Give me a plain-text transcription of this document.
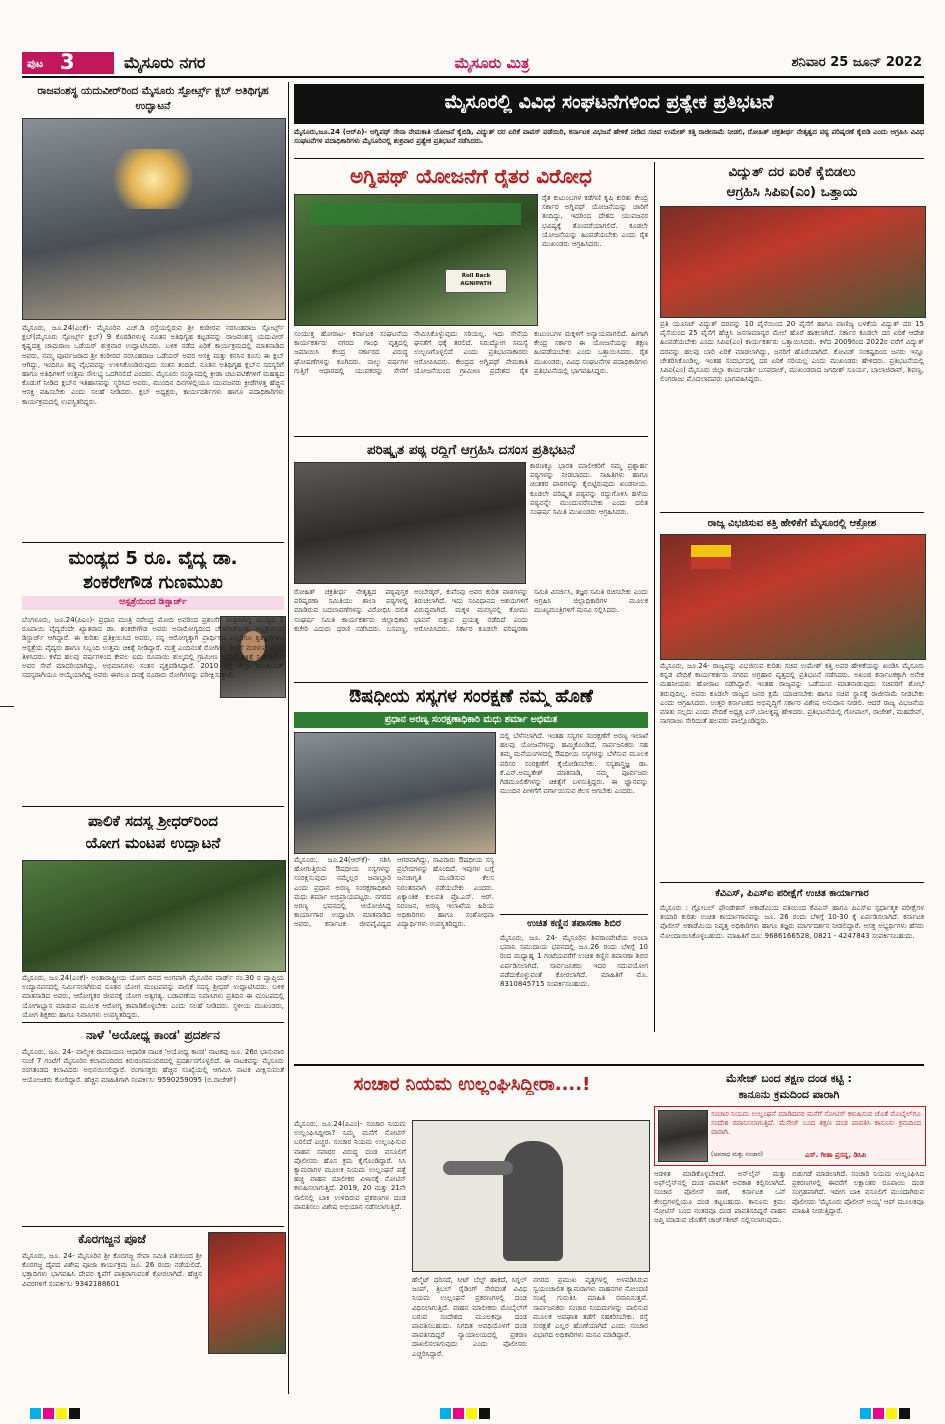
ಪುಟ 3	ಮೈಸೂರು ನಗರ	ಮೈಸೂರು ಮಿತ್ರ	ಶನಿವಾರ 25 ಜೂನ್ 2022
ರಾಜವಂಶಸ್ಥ ಯದುವೀರ್‌ರಿಂದ ಮೈಸೂರು ಸ್ಪೋರ್ಟ್ಸ್ ಕ್ಲಬ್ ಅತಿಥಿಗೃಹ ಉದ್ಘಾಟನೆ
ಮೈಸೂರು, ಜೂ.24(ಎಂಕೆ)- ಮೈಸೂರಿನ ಎಚ್‌.ಡಿ ರಸ್ತೆಯಲ್ಲಿರುವ ಶ್ರೀ ಕಂಠೀರವ ನರಸಿಂಹರಾಜ ಸ್ಪೋರ್ಟ್ಸ್ ಕ್ಲಬ್(ಮೈಸೂರು ಸ್ಪೋರ್ಟ್ಸ್ ಕ್ಲಬ್) 9 ಕೊಠಡಿಗಳುಳ್ಳ ನೂತನ ಅತಿಥಿಗೃಹ ಕಟ್ಟಡವನ್ನು ರಾಜವಂಶಸ್ಥ ಯದುವೀರ್ ಕೃಷ್ಣದತ್ತ ಚಾಮರಾಜ ಒಡೆಯರ್ ಶುಕ್ರವಾರ ಉದ್ಘಾಟಿಸಿದರು. ಬಳಿಕ ನಡೆದ ಏರಿಕೆ ಕಾರ್ಯಕ್ರಮದಲ್ಲಿ ಮಾತನಾಡಿದ ಅವರು, ನಮ್ಮ ಪೂರ್ವಜರಾದ ಶ್ರೀ ಕಂಠೀರವ ನರಸಿಂಹರಾಜ ಒಡೆಯರ್ ಅವರ ಆಸಕ್ತಿ ಮತ್ತು ಕನಸಿನ ಕೂಸು ಈ ಕ್ಲಬ್ ಆಗಿದ್ದು, ಇಂದಿಗೂ ತನ್ನ ವೈಭವವನ್ನು ಉಳಿಸಿಕೊಂಡಿರುವುದು ಸಂತಸ ತಂದಿದೆ. ನೂತನ ಅತಿಥಿಗೃಹ ಕ್ಲಬ್‌ನ ಸದಸ್ಯರಿಗೆ ಹಾಗೂ ಅತಿಥಿಗಳಿಗೆ ಉತ್ತಮ ಸೌಲಭ್ಯ ಒದಗಿಸಲಿದೆ ಎಂದರು. ಮೈಸೂರು ಸಂಸ್ಥಾನದಲ್ಲಿ ಕ್ರೀಡಾ ಚಟುವಟಿಕೆಗಳಿಗೆ ಮಹತ್ವದ ಕೊಡುಗೆ ನೀಡಿದ ಕ್ಲಬ್‌ನ ಇತಿಹಾಸವನ್ನು ಸ್ಮರಿಸಿದ ಅವರು, ಮುಂದಿನ ದಿನಗಳಲ್ಲಿಯೂ ಯುವಜನರು ಕ್ರೀಡೆಗಳತ್ತ ಹೆಚ್ಚಿನ ಆಸಕ್ತಿ ವಹಿಸಬೇಕು ಎಂದು ಸಲಹೆ ನೀಡಿದರು. ಕ್ಲಬ್ ಅಧ್ಯಕ್ಷರು, ಕಾರ್ಯದರ್ಶಿಗಳು ಹಾಗೂ ಪದಾಧಿಕಾರಿಗಳು ಕಾರ್ಯಕ್ರಮದಲ್ಲಿ ಉಪಸ್ಥಿತರಿದ್ದರು.
ಮಂಡ್ಯದ 5 ರೂ. ವೈದ್ಯ ಡಾ.
ಶಂಕರೇಗೌಡ ಗುಣಮುಖ
ಆಸ್ಪತ್ರೆಯಿಂದ ಡಿಸ್ಚಾರ್ಜ್
ಬೆಂಗಳೂರು, ಜೂ.24(ಪಿಎಂ)- ಪ್ರಧಾನ ಮಂತ್ರಿ ನರೇಂದ್ರ ಮೋದಿ ಅವರಿಂದ ಪ್ರಶಂಸೆಗೆ ಪಾತ್ರರಾಗಿದ್ದ ಮಂಡ್ಯದ 5 ರೂಪಾಯಿ ವೈದ್ಯರೆಂದೇ ಖ್ಯಾತರಾದ ಡಾ. ಶಂಕರೇಗೌಡ ಅವರು ಅನಾರೋಗ್ಯದಿಂದ ಚೇತರಿಸಿಕೊಂಡು ಆಸ್ಪತ್ರೆಯಿಂದ ಡಿಸ್ಚಾರ್ಜ್ ಆಗಿದ್ದಾರೆ. ಈ ಕುರಿತು ಪ್ರತಿಕ್ರಿಯಿಸಿದ ಅವರು, ನನ್ನ ಆರೋಗ್ಯಕ್ಕಾಗಿ ಪ್ರಾರ್ಥಿಸಿದ ಎಲ್ಲರಿಗೂ ಕೃತಜ್ಞತೆಗಳು. ಆಸ್ಪತ್ರೆಯ ವೈದ್ಯರು ಹಾಗೂ ಸಿಬ್ಬಂದಿ ಉತ್ತಮ ಚಿಕಿತ್ಸೆ ನೀಡಿದ್ದಾರೆ. ಮತ್ತೆ ಎಂದಿನಂತೆ ರೋಗಿಗಳ ಸೇವೆಗೆ ಮರಳುವೆ ಎಂದು ತಿಳಿಸಿದರು. ಕಳೆದ ಹಲವು ವರ್ಷಗಳಿಂದ ಕೇವಲ ಐದು ರೂಪಾಯಿ ಶುಲ್ಕದಲ್ಲಿ ಗ್ರಾಮೀಣ ಜನರಿಗೆ ಚಿಕಿತ್ಸೆ ನೀಡುತ್ತಿರುವ ಅವರ ಸೇವೆ ಮಾದರಿಯಾಗಿದ್ದು, ಅಭಿಮಾನಿಗಳು ಸಂತಸ ವ್ಯಕ್ತಪಡಿಸಿದ್ದಾರೆ. 2010 ರಲ್ಲಿ ಜಿಲ್ಲಾ ಪಂಚಾಯತ್ ಸದಸ್ಯರಾಗಿಯೂ ಆಯ್ಕೆಯಾಗಿದ್ದ ಅವರು ಈಗಲೂ ದಿನಕ್ಕೆ ನೂರಾರು ರೋಗಿಗಳನ್ನು ಪರೀಕ್ಷಿಸುತ್ತಾರೆ.
ಪಾಲಿಕೆ ಸದಸ್ಯ ಶ್ರೀಧರ್‌ರಿಂದ
ಯೋಗ ಮಂಟಪ ಉದ್ಘಾಟನೆ
ಮೈಸೂರು, ಜೂ.24(ಎಂಕೆ)- ಅಂತಾರಾಷ್ಟ್ರೀಯ ಯೋಗ ದಿನದ ಅಂಗವಾಗಿ ಮೈಸೂರಿನ ವಾರ್ಡ್ ನಂ.30 ರ ವ್ಯಾಪ್ತಿಯ ಉದ್ಯಾನವನದಲ್ಲಿ ನಿರ್ಮಿಸಲಾಗಿರುವ ನೂತನ ಯೋಗ ಮಂಟಪವನ್ನು ಪಾಲಿಕೆ ಸದಸ್ಯ ಶ್ರೀಧರ್ ಉದ್ಘಾಟಿಸಿದರು. ಬಳಿಕ ಮಾತನಾಡಿದ ಅವರು, ಆರೋಗ್ಯಕರ ಜೀವನಕ್ಕೆ ಯೋಗ ಅತ್ಯಗತ್ಯ. ಬಡಾವಣೆಯ ನಿವಾಸಿಗಳು ಪ್ರತಿದಿನ ಈ ಮಂಟಪದಲ್ಲಿ ಯೋಗಾಭ್ಯಾಸ ಮಾಡುವ ಮೂಲಕ ಆರೋಗ್ಯ ಕಾಪಾಡಿಕೊಳ್ಳಬೇಕು ಎಂದು ಸಲಹೆ ನೀಡಿದರು. ಸ್ಥಳೀಯ ಮುಖಂಡರು, ಯೋಗ ಶಿಕ್ಷಕರು ಹಾಗೂ ನಿವಾಸಿಗಳು ಉಪಸ್ಥಿತರಿದ್ದರು.
ನಾಳೆ 'ಅಯೋಧ್ಯ ಕಾಂಡ' ಪ್ರದರ್ಶನ
ಮೈಸೂರು, ಜೂ. 24- ವಾಲ್ಮೀಕಿ ರಾಮಾಯಣ ಆಧಾರಿತ ನಾಟಕ 'ಅಯೋಧ್ಯ ಕಾಂಡ' ನಾಟಕವು ಜೂ. 26ರ ಭಾನುವಾರ ಸಂಜೆ 7 ಗಂಟೆಗೆ ಮೈಸೂರಿನ ಕಲಾಮಂದಿರದ ಕಿರುರಂಗಮಂದಿರದಲ್ಲಿ ಪ್ರದರ್ಶನಗೊಳ್ಳಲಿದೆ. ಈ ನಾಟಕವನ್ನು ಮೈಸೂರು ರಂಗತಂಡದ ಕಲಾವಿದರು ಅಭಿನಯಿಸಲಿದ್ದಾರೆ. ರಂಗಾಸಕ್ತರು ಹೆಚ್ಚಿನ ಸಂಖ್ಯೆಯಲ್ಲಿ ಆಗಮಿಸಿ ನಾಟಕ ವೀಕ್ಷಿಸುವಂತೆ ಆಯೋಜಕರು ಕೋರಿದ್ದಾರೆ. ಹೆಚ್ಚಿನ ಮಾಹಿತಿಗಾಗಿ ಸಂಪರ್ಕಿಸಿ: 9590259095 (ಬಿ.ರಾಜೇಶ್)
ಕೊರಗಜ್ಜನ ಪೂಜೆ
ಮೈಸೂರು, ಜೂ. 24- ಮೈಸೂರಿನ ಶ್ರೀ ಕೊರಗಜ್ಜ ಸೇವಾ ಸಮಿತಿ ವತಿಯಿಂದ ಶ್ರೀ ಕೊರಗಜ್ಜ ದೈವದ ವಿಶೇಷ ಪೂಜಾ ಕಾರ್ಯಕ್ರಮ ಜೂ. 26 ರಂದು ನಡೆಯಲಿದೆ. ಭಕ್ತಾದಿಗಳು ಭಾಗವಹಿಸಿ ದೇವರ ಕೃಪೆಗೆ ಪಾತ್ರರಾಗುವಂತೆ ಕೋರಲಾಗಿದೆ. ಹೆಚ್ಚಿನ ವಿವರಗಳಿಗೆ ಸಂಪರ್ಕಿಸಿ: 9342188601
ಮೈಸೂರಲ್ಲಿ ವಿವಿಧ ಸಂಘಟನೆಗಳಿಂದ ಪ್ರತ್ಯೇಕ ಪ್ರತಿಭಟನೆ
ಮೈಸೂರು,ಜೂ.24 (ಆರ್‌ಪಿ)- ಅಗ್ನಿಪಥ್ ಸೇನಾ ನೇಮಕಾತಿ ಯೋಜನೆ ಕೈಬಿಡಿ, ವಿದ್ಯುತ್ ದರ ಏರಿಕೆ ವಾಪಸ್ ಪಡೆಯಿರಿ, ಕರ್ನಾಟಕ ವಿಭಜನೆ ಹೇಳಿಕೆ ನೀಡಿದ ಸಚಿವ ಉಮೇಶ್ ಕತ್ತಿ ರಾಜೀನಾಮೆ ನೀಡಲಿ, ರೋಹಿತ್ ಚಕ್ರತೀರ್ಥ ನೇತೃತ್ವದ ಪಠ್ಯ ಪರಿಷ್ಕರಣೆ ಕೈಬಿಡಿ ಎಂದು ಆಗ್ರಹಿಸಿ ವಿವಿಧ ಸಂಘಟನೆಗಳ ಪದಾಧಿಕಾರಿಗಳು ಮೈಸೂರಿನಲ್ಲಿ ಶುಕ್ರವಾರ ಪ್ರತ್ಯೇಕ ಪ್ರತಿಭಟನೆ ನಡೆಸಿದರು.
ಅಗ್ನಿಪಥ್ ಯೋಜನೆಗೆ ರೈತರ ವಿರೋಧ
Roll Back AGNIPATH
ರೈತ ಕುಟುಂಬಗಳ ಕಡೆಗಣಿ ಕೃಷಿ ಕುರಿತು ಕೇಂದ್ರ ಸರ್ಕಾರ ಅಗ್ನಿಪಥ್ ಯೋಜನೆಯನ್ನು ಜಾರಿಗೆ ತಂದಿದ್ದು, ಇದರಿಂದ ದೇಶದ ಯುವಜನರ ಭವಿಷ್ಯಕ್ಕೆ ತೊಂದರೆಯಾಗಲಿದೆ. ಕೂಡಲೇ ಯೋಜನೆಯನ್ನು ಹಿಂಪಡೆಯಬೇಕು ಎಂದು ರೈತ ಮುಖಂಡರು ಆಗ್ರಹಿಸಿದರು.
ಸಂಯುಕ್ತ ಹೋರಾಟ- ಕರ್ನಾಟಕ ಸಂಘಟನೆಯ ಕಾರ್ಯಕರ್ತರು ನಗರದ ಗಾಂಧಿ ವೃತ್ತದಲ್ಲಿ ಜಮಾಯಿಸಿ ಕೇಂದ್ರ ಸರ್ಕಾರದ ವಿರುದ್ಧ ಘೋಷಣೆಗಳನ್ನು ಕೂಗಿದರು. ನಾಲ್ಕು ವರ್ಷಗಳ ಗುತ್ತಿಗೆ ಆಧಾರದಲ್ಲಿ ಯುವಕರನ್ನು ಸೇನೆಗೆ ನೇಮಿಸಿಕೊಳ್ಳುವುದು ಸರಿಯಲ್ಲ. ಇದು ಸೇನೆಯ ಘನತೆಗೆ ಧಕ್ಕೆ ತರಲಿದೆ. ನಿರುದ್ಯೋಗ ಸಮಸ್ಯೆ ಉಲ್ಬಣಗೊಳ್ಳಲಿದೆ ಎಂದು ಪ್ರತಿಭಟನಾಕಾರರು ಆರೋಪಿಸಿದರು. ಕೇಂದ್ರದ ಅಗ್ನಿಪಥ್ ನೇಮಕಾತಿ ಯೋಜನೆಯಿಂದ ಗ್ರಾಮೀಣ ಪ್ರದೇಶದ ರೈತ ಕುಟುಂಬಗಳ ಮಕ್ಕಳಿಗೆ ಅನ್ಯಾಯವಾಗಲಿದೆ. ಹೀಗಾಗಿ ಕೇಂದ್ರ ಸರ್ಕಾರ ಈ ಯೋಜನೆಯನ್ನು ತಕ್ಷಣ ಹಿಂಪಡೆಯಬೇಕು ಎಂದು ಒತ್ತಾಯಿಸಿದರು. ರೈತ ಮುಖಂಡರು, ವಿವಿಧ ಸಂಘಟನೆಗಳ ಪದಾಧಿಕಾರಿಗಳು ಪ್ರತಿಭಟನೆಯಲ್ಲಿ ಭಾಗವಹಿಸಿದ್ದರು.
ಪರಿಷ್ಕೃತ ಪಠ್ಯ ರದ್ದಿಗೆ ಆಗ್ರಹಿಸಿ ದಸಂಸ ಪ್ರತಿಭಟನೆ
ಕಾರಣಕ್ಕೂ ಭಾರತ ಮಾಲೀಕರಿಗೆ ನಮ್ಮ ಪ್ರಶ್ನಾರ್ಹ ಪಠ್ಯಗಳನ್ನು ನೀಡಬಾರದು. ಸಾಹಿತಿಗಳು ಹಾಗೂ ಚಿಂತಕರ ಪಾಠಗಳನ್ನು ಕೈಬಿಟ್ಟಿರುವುದು ಖಂಡನೀಯ. ಕೂಡಲೇ ಪರಿಷ್ಕೃತ ಪಠ್ಯವನ್ನು ರದ್ದುಗೊಳಿಸಿ ಹಳೆಯ ಪಠ್ಯವನ್ನೇ ಮುಂದುವರೆಸಬೇಕು ಎಂದು ದಲಿತ ಸಂಘರ್ಷ ಸಮಿತಿ ಮುಖಂಡರು ಆಗ್ರಹಿಸಿದರು.
ರೋಹಿತ್ ಚಕ್ರತೀರ್ಥ ನೇತೃತ್ವದ ಪಠ್ಯಪುಸ್ತಕ ಪರಿಷ್ಕರಣಾ ಸಮಿತಿಯು ಶಾಲಾ ಪಠ್ಯಗಳಲ್ಲಿ ಮಾಡಿರುವ ಬದಲಾವಣೆಗಳನ್ನು ವಿರೋಧಿಸಿ ದಲಿತ ಸಂಘರ್ಷ ಸಮಿತಿ ಕಾರ್ಯಕರ್ತರು ಜಿಲ್ಲಾಧಿಕಾರಿ ಕಚೇರಿ ಎದುರು ಧರಣಿ ನಡೆಸಿದರು. ಬಸವಣ್ಣ, ಅಂಬೇಡ್ಕರ್, ಕುವೆಂಪು ಅವರ ಕುರಿತ ಪಾಠಗಳನ್ನು ತಿರುಚಲಾಗಿದೆ. ಇದು ಸಂವಿಧಾನದ ಆಶಯಗಳಿಗೆ ವಿರುದ್ಧವಾಗಿದೆ. ಮಕ್ಕಳ ಮನಸ್ಸಿನಲ್ಲಿ ಕೋಮು ಭಾವನೆ ಬಿತ್ತುವ ಪ್ರಯತ್ನ ನಡೆದಿದೆ ಎಂದು ಆರೋಪಿಸಿದರು. ಸರ್ಕಾರ ಕೂಡಲೇ ಪರಿಷ್ಕರಣಾ ಸಮಿತಿ ವಿಸರ್ಜಿಸಿ, ತಜ್ಞರ ಸಮಿತಿ ರಚಿಸಬೇಕು ಎಂದು ಆಗ್ರಹಿಸಿ ಜಿಲ್ಲಾಧಿಕಾರಿಗಳ ಮೂಲಕ ಮುಖ್ಯಮಂತ್ರಿಗಳಿಗೆ ಮನವಿ ಸಲ್ಲಿಸಿದರು.
ಔಷಧೀಯ ಸಸ್ಯಗಳ ಸಂರಕ್ಷಣೆ ನಮ್ಮ ಹೊಣೆ
ಪ್ರಧಾನ ಅರಣ್ಯ ಸಂರಕ್ಷಣಾಧಿಕಾರಿ ಮಧು ಶರ್ಮಾ ಅಭಿಮತ
ದಲ್ಲಿ ಬೆಳೆಸಲಾಗಿದೆ. ಇಂತಹ ಸಸ್ಯಗಳ ಸಂರಕ್ಷಣೆಗೆ ಅರಣ್ಯ ಇಲಾಖೆ ಹಲವು ಯೋಜನೆಗಳನ್ನು ಹಮ್ಮಿಕೊಂಡಿದೆ. ಸಾರ್ವಜನಿಕರು ಸಹ ತಮ್ಮ ಮನೆಯಂಗಳದಲ್ಲಿ ಔಷಧೀಯ ಸಸ್ಯಗಳನ್ನು ಬೆಳೆಸುವ ಮೂಲಕ ಪರಿಸರ ಸಂರಕ್ಷಣೆಗೆ ಕೈಜೋಡಿಸಬೇಕು. ಸಸ್ಯಶಾಸ್ತ್ರಜ್ಞ ಡಾ. ಕೆ.ಎನ್.ಅಮೃತೇಶ್ ಮಾತನಾಡಿ, ನಮ್ಮ ಪೂರ್ವಜರು ಗಿಡಮೂಲಿಕೆಗಳನ್ನು ಚಿಕಿತ್ಸೆಗೆ ಬಳಸುತ್ತಿದ್ದರು. ಈ ಜ್ಞಾನವನ್ನು ಮುಂದಿನ ಪೀಳಿಗೆಗೆ ವರ್ಗಾಯಿಸುವ ಕೆಲಸ ಆಗಬೇಕು ಎಂದರು.
ಮೈಸೂರು, ಜೂ.24(ಆರ್‌ಕೆ)- ನಶಿಸಿ ಹೋಗುತ್ತಿರುವ ಔಷಧೀಯ ಸಸ್ಯಗಳನ್ನು ಸಂರಕ್ಷಿಸುವುದು ನಮ್ಮೆಲ್ಲರ ಜವಾಬ್ದಾರಿ ಎಂದು ಪ್ರಧಾನ ಅರಣ್ಯ ಸಂರಕ್ಷಣಾಧಿಕಾರಿ ಮಧು ಶರ್ಮಾ ಅಭಿಪ್ರಾಯಪಟ್ಟರು. ನಗರದ ಅರಣ್ಯ ಭವನದಲ್ಲಿ ಆಯೋಜಿಸಿದ್ದ ಕಾರ್ಯಾಗಾರ ಉದ್ಘಾಟಿಸಿ ಮಾತನಾಡಿದ ಅವರು, ಕರ್ನಾಟಕ ಜೀವವೈವಿಧ್ಯದ ಆಗರವಾಗಿದ್ದು, ಸಾವಿರಾರು ಔಷಧೀಯ ಸಸ್ಯ ಪ್ರಭೇದಗಳನ್ನು ಹೊಂದಿದೆ. ಇವುಗಳ ಬಗ್ಗೆ ಜನಜಾಗೃತಿ ಮೂಡಿಸುವ ಕೆಲಸ ನಿರಂತರವಾಗಿ ನಡೆಯಬೇಕು ಎಂದರು. ಏಕ್ಯಾಂತಿಕ ಕುಲಪತಿ ಪ್ರೊ.ಎಸ್. ಆರ್. ನಿರಂಜನ, ಅರಣ್ಯ ಇಲಾಖೆಯ ಹಿರಿಯ ಅಧಿಕಾರಿಗಳು ಹಾಗೂ ಸಂಶೋಧನಾ ವಿದ್ಯಾರ್ಥಿಗಳು ಉಪಸ್ಥಿತರಿದ್ದರು.	ಉಚಿತ ಕಣ್ಣಿನ ತಪಾಸಣಾ ಶಿಬಿರ
ಮೈಸೂರು, ಜೂ. 24- ಮೈಸೂರಿನ ಶಿವರಾಂಪೇಟೆಯ ಅಂಬಾ ಭವಾನಿ ಸಮುದಾಯ ಭವನದಲ್ಲಿ ಜೂ.26 ರಂದು ಬೆಳಿಗ್ಗೆ 10 ರಿಂದ ಮಧ್ಯಾಹ್ನ 1 ಗಂಟೆಯವರೆಗೆ ಉಚಿತ ಕಣ್ಣಿನ ತಪಾಸಣಾ ಶಿಬಿರ ಏರ್ಪಡಿಸಲಾಗಿದೆ. ಸಾರ್ವಜನಿಕರು ಇದರ ಸದುಪಯೋಗ ಪಡೆದುಕೊಳ್ಳುವಂತೆ ಕೋರಲಾಗಿದೆ. ಮಾಹಿತಿಗೆ ಮೊ. 8310845715 ಸಂಪರ್ಕಿಸಬಹುದು.
ವಿದ್ಯುತ್ ದರ ಏರಿಕೆ ಕೈಬಿಡಲು
ಆಗ್ರಹಿಸಿ ಸಿಪಿಐ(ಎಂ) ಒತ್ತಾಯ
ಪ್ರತಿ ಯೂನಿಟ್ ವಿದ್ಯುತ್ ದರವನ್ನು 10 ಪೈಸೆಯಿಂದ 20 ಪೈಸೆಗೆ ಹಾಗೂ ವಾಣಿಜ್ಯ ಬಳಕೆಯ ವಿದ್ಯುತ್ ದರ 15 ಪೈಸೆಯಿಂದ 25 ಪೈಸೆಗೆ ಹೆಚ್ಚಿಸಿ ಜನಸಾಮಾನ್ಯರ ಮೇಲೆ ಹೊರೆ ಹಾಕಲಾಗಿದೆ. ಸರ್ಕಾರ ಕೂಡಲೇ ದರ ಏರಿಕೆ ಆದೇಶ ಹಿಂಪಡೆಯಬೇಕು ಎಂದು ಸಿಪಿಐ(ಎಂ) ಕಾರ್ಯಕರ್ತರು ಒತ್ತಾಯಿಸಿದರು. ಕಳೆದ 2009ರಿಂದ 2022ರ ವರೆಗೆ ವಿದ್ಯುತ್ ದರವನ್ನು ಹಲವು ಬಾರಿ ಏರಿಕೆ ಮಾಡಲಾಗಿದ್ದು, ಜನರಿಗೆ ಹೊರೆಯಾಗಿದೆ. ಕೋವಿಡ್ ಸಂಕಷ್ಟದಿಂದ ಜನರು ಇನ್ನೂ ಚೇತರಿಸಿಕೊಂಡಿಲ್ಲ. ಇಂತಹ ಸಂದರ್ಭದಲ್ಲಿ ದರ ಏರಿಕೆ ಸರಿಯಲ್ಲ ಎಂದು ಮುಖಂಡರು ಹೇಳಿದರು. ಪ್ರತಿಭಟನೆಯಲ್ಲಿ ಸಿಪಿಐ(ಎಂ) ಮೈಸೂರು ಜಿಲ್ಲಾ ಕಾರ್ಯದರ್ಶಿ ಬಸವರಾಜ್, ಮುಖಂಡರಾದ ಜಗದೀಶ್ ಸೂರ್ಯ, ಬಾಲಾಜಿರಾವ್, ಶಿವಣ್ಣ, ಲಿಂಗರಾಜು ಮೊದಲಾದವರು ಭಾಗವಹಿಸಿದ್ದರು.
ರಾಜ್ಯ ವಿಭಜಿಸುವ ಕತ್ತಿ ಹೇಳಿಕೆಗೆ ಮೈಸೂರಲ್ಲಿ ಆಕ್ರೋಶ
ಮೈಸೂರು, ಜೂ.24- ರಾಜ್ಯವನ್ನು ವಿಭಜಿಸುವ ಕುರಿತು ಸಚಿವ ಉಮೇಶ್ ಕತ್ತಿ ಅವರ ಹೇಳಿಕೆಯನ್ನು ಖಂಡಿಸಿ ಮೈಸೂರು ಕನ್ನಡ ವೇದಿಕೆ ಕಾರ್ಯಕರ್ತರು ನಗರದ ಅಗ್ರಹಾರ ವೃತ್ತದಲ್ಲಿ ಪ್ರತಿಭಟನೆ ನಡೆಸಿದರು. ಅಖಂಡ ಕರ್ನಾಟಕಕ್ಕಾಗಿ ಅನೇಕ ಮಹನೀಯರು ಹೋರಾಟ ನಡೆಸಿದ್ದಾರೆ. ಇಂತಹ ರಾಜ್ಯವನ್ನು ಒಡೆಯುವ ಮಾತನಾಡುವುದು ಸಚಿವರಿಗೆ ಶೋಭೆ ತರುವುದಿಲ್ಲ. ಅವರು ಕೂಡಲೇ ರಾಜ್ಯದ ಜನರ ಕ್ಷಮೆ ಯಾಚಿಸಬೇಕು ಹಾಗೂ ಸಚಿವ ಸ್ಥಾನಕ್ಕೆ ರಾಜೀನಾಮೆ ನೀಡಬೇಕು ಎಂದು ಆಗ್ರಹಿಸಿದರು. ಉತ್ತರ ಕರ್ನಾಟಕದ ಅಭಿವೃದ್ಧಿಗೆ ಸರ್ಕಾರ ವಿಶೇಷ ಅನುದಾನ ನೀಡಲಿ. ಆದರೆ ರಾಜ್ಯ ವಿಭಜನೆಯ ಮಾತು ಸಲ್ಲದು ಎಂದು ವೇದಿಕೆ ಅಧ್ಯಕ್ಷ ಎಸ್.ಬಾಲಕೃಷ್ಣ ಹೇಳಿದರು. ಪ್ರತಿಭಟನೆಯಲ್ಲಿ ಗೋಪಾಲ್, ರಾಜೇಶ್, ಮಹದೇವ್, ನಾಗರಾಜು ಸೇರಿದಂತೆ ಹಲವರು ಪಾಲ್ಗೊಂಡಿದ್ದರು.
ಕೆವಿಎಸ್, ಪಿಎಸ್‌ಐ ಪರೀಕ್ಷೆಗೆ ಉಚಿತ ಕಾರ್ಯಾಗಾರ
ಮೈಸೂರು : ಗ್ಲೋಬಲ್ ಫೌಂಡೇಶನ್ ಅಕಾಡೆಮಿಯ ವತಿಯಿಂದ ಕೆವಿಎಸ್ ಹಾಗೂ ಪಿಎಸ್‌ಐ ಸ್ಪರ್ಧಾತ್ಮಕ ಪರೀಕ್ಷೆಗಳ ತಯಾರಿ ಕುರಿತು ಉಚಿತ ಕಾರ್ಯಾಗಾರವನ್ನು ಜೂ. 26 ರಂದು ಬೆಳಿಗ್ಗೆ 10-30 ಕ್ಕೆ ಏರ್ಪಡಿಸಲಾಗಿದೆ. ಕರ್ನಾಟಕ ಪೊಲೀಸ್ ಅಕಾಡೆಮಿಯ ನಿವೃತ್ತ ಅಧಿಕಾರಿಗಳು ಹಾಗೂ ತಜ್ಞರು ಮಾರ್ಗದರ್ಶನ ನೀಡಲಿದ್ದಾರೆ. ಆಸಕ್ತ ಅಭ್ಯರ್ಥಿಗಳು ಹೆಸರು ನೋಂದಾಯಿಸಿಕೊಳ್ಳಬಹುದು. ಮಾಹಿತಿಗೆ ದೂ: 9686166528, 0821 - 4247843 ಸಂಪರ್ಕಿಸಬಹುದು.
ಸಂಚಾರ ನಿಯಮ ಉಲ್ಲಂಘಿಸಿದ್ದೀರಾ....!
ಮೈಸೂರು, ಜೂ.24(ಪಿಎಂ)- ಸಂಚಾರ ನಿಯಮ ಉಲ್ಲಂಘಿಸಿದ್ದೀರಾ? ನಿಮ್ಮ ಮನೆಗೆ ನೋಟಿಸ್ ಬರಲಿದೆ ಎಚ್ಚರ. ಸಂಚಾರ ನಿಯಮ ಉಲ್ಲಂಘಿಸುವ ವಾಹನ ಸವಾರರ ವಿರುದ್ಧ ದಂಡ ವಸೂಲಿಗೆ ಪೊಲೀಸರು ಹೊಸ ಕ್ರಮ ಕೈಗೊಂಡಿದ್ದಾರೆ. ಸಿಸಿ ಕ್ಯಾಮರಾಗಳ ಮೂಲಕ ನಿಯಮ ಉಲ್ಲಂಘನೆ ಪತ್ತೆ ಹಚ್ಚಿ ವಾಹನ ಮಾಲೀಕರ ವಿಳಾಸಕ್ಕೆ ನೋಟಿಸ್ ಕಳುಹಿಸಲಾಗುತ್ತಿದೆ. 2019, 20 ಮತ್ತು 21ನೇ ಸಾಲಿನಲ್ಲಿ ಬಾಕಿ ಉಳಿದಿರುವ ಪ್ರಕರಣಗಳ ದಂಡ ಪಾವತಿಸಲು ವಿಶೇಷ ಅಭಿಯಾನ ನಡೆಸಲಾಗುತ್ತಿದೆ.
ಹೆಲ್ಮೆಟ್ ಧರಿಸದೆ, ಸೀಟ್ ಬೆಲ್ಟ್ ಹಾಕದೆ, ಸಿಗ್ನಲ್ ಜಂಪ್, ತ್ರಿಬಲ್ ರೈಡಿಂಗ್ ಸೇರಿದಂತೆ ವಿವಿಧ ನಿಯಮ ಉಲ್ಲಂಘನೆ ಪ್ರಕರಣಗಳಲ್ಲಿ ದಂಡ ವಿಧಿಸಲಾಗುತ್ತಿದೆ. ವಾಹನ ಮಾಲೀಕರು ಮೊಬೈಲ್‌ಗೆ ಬರುವ ಸಂದೇಶದ ಮೂಲಕವೂ ದಂಡ ಪಾವತಿಸಬಹುದು. ನಿಗದಿತ ಅವಧಿಯೊಳಗೆ ದಂಡ ಪಾವತಿಸದಿದ್ದರೆ ನ್ಯಾಯಾಲಯದಲ್ಲಿ ಪ್ರಕರಣ ದಾಖಲಿಸಲಾಗುವುದು ಎಂದು ಪೊಲೀಸರು ಎಚ್ಚರಿಸಿದ್ದಾರೆ.
ನಗರದ ಪ್ರಮುಖ ವೃತ್ತಗಳಲ್ಲಿ ಅಳವಡಿಸಿರುವ ಸ್ವಯಂಚಾಲಿತ ಕ್ಯಾಮರಾಗಳು ವಾಹನಗಳ ನೋಂದಣಿ ಸಂಖ್ಯೆ ಗುರುತಿಸಿ ಮಾಹಿತಿ ರವಾನಿಸುತ್ತವೆ. ಸಾರ್ವಜನಿಕರು ಸಂಚಾರ ನಿಯಮಗಳನ್ನು ಪಾಲಿಸುವ ಮೂಲಕ ಅಪಘಾತ ತಡೆಗೆ ಸಹಕರಿಸಬೇಕು. ರಸ್ತೆ ಸುರಕ್ಷತೆ ಎಲ್ಲರ ಹೊಣೆಯಾಗಿದೆ ಎಂದು ಸಂಚಾರ ವಿಭಾಗದ ಅಧಿಕಾರಿಗಳು ಮನವಿ ಮಾಡಿದ್ದಾರೆ.
ಮೆಸೇಜ್ ಬಂದ ತಕ್ಷಣ ದಂಡ ಕಟ್ಟಿ :
ಕಾನೂನು ಕ್ರಮದಿಂದ ಪಾರಾಗಿ
ಸಂಚಾರ ನಿಯಮ ಉಲ್ಲಂಘನೆ ಮಾಡಿದವರ ಮನೆಗೆ ನೋಟಿಸ್ ಕಳುಹಿಸುವ ಜೊತೆ ಮೊಬೈಲ್‌ಗೂ ಸಂದೇಶ ರವಾನಿಸಲಾಗುತ್ತಿದೆ. ಮೆಸೇಜ್ ಬಂದ ತಕ್ಷಣ ದಂಡ ಪಾವತಿಸಿ ಕಾನೂನು ಕ್ರಮದಿಂದ ಪಾರಾಗಿ.
ಎಸ್. ಗೀತಾ ಪ್ರಸನ್ನ, ಡಿಸಿಪಿ
(ಅಪರಾಧ ಮತ್ತು ಸಂಚಾರ)
ಆಡಳಿತ ಮಾಡಿಕೊಳ್ಳಬೇಕಿದೆ. ಅನ್‌ಲೈನ್ ಮತ್ತು ಅಫ್‌ಲೈನ್‌ನಲ್ಲಿ ದಂಡ ಪಾವತಿಗೆ ಅವಕಾಶ ಕಲ್ಪಿಸಲಾಗಿದೆ. ಸಂಚಾರ ಪೊಲೀಸ್ ಠಾಣೆ, ಕರ್ನಾಟಕ ಒನ್ ಕೇಂದ್ರಗಳಲ್ಲಿಯೂ ದಂಡ ಕಟ್ಟಬಹುದು. ಕಾನೂನು ಕ್ರಮ: ನೋಟಿಸ್ ಬಂದ ನಂತರವೂ ದಂಡ ಪಾವತಿಸದಿದ್ದರೆ ವಾಹನ ಜಪ್ತಿ ಮಾಡುವ ಜೊತೆಗೆ ಚಾರ್ಜ್‌ಶೀಟ್ ಸಲ್ಲಿಸಲಾಗುವುದು.
ಬಿಡುಗಡೆ ಮಾಡಲಾಗಿದೆ. ಸಂಚಾರಿ ನಿಯಮ ಉಲ್ಲಂಘಿಸಿದ ಪ್ರಕರಣಗಳಲ್ಲಿ ಈವರೆಗೆ ಲಕ್ಷಾಂತರ ರೂಪಾಯಿ ದಂಡ ಸಂಗ್ರಹವಾಗಿದೆ. ಇದೀಗ ಬಾಕಿ ವಸೂಲಿಗೆ ಮುಂದಾಗಿರುವ ಪೊಲೀಸರು 'ಮೈಸೂರು ಪೊಲೀಸ್ ಅಯ್ಯ' ಆಪ್ ಮೂಲಕವೂ ಮಾಹಿತಿ ನೀಡುತ್ತಿದ್ದಾರೆ.
